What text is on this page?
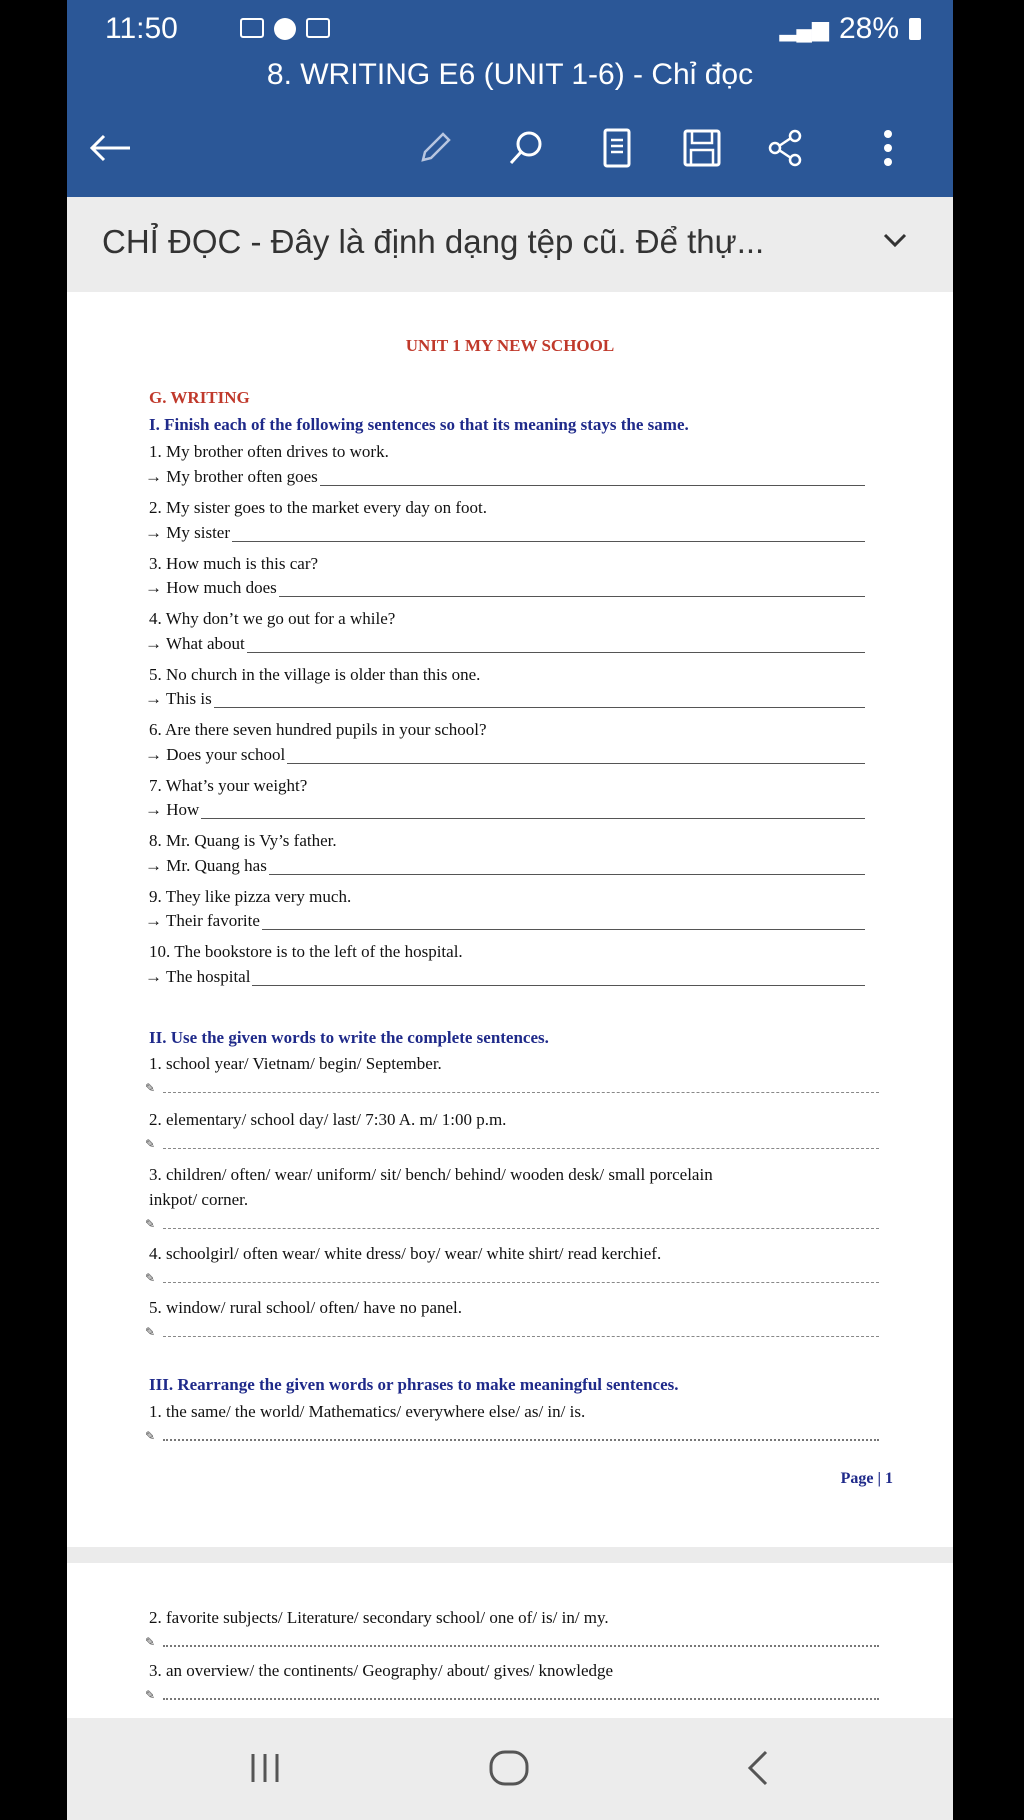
11:50	▂▄▆ 28%
8. WRITING E6 (UNIT 1-6) - Chỉ đọc
CHỈ ĐỌC - Đây là định dạng tệp cũ. Để thự...
UNIT 1 MY NEW SCHOOL
G. WRITING
I. Finish each of the following sentences so that its meaning stays the same.
1. My brother often drives to work.
→ My brother often goes
2. My sister goes to the market every day on foot.
→ My sister
3. How much is this car?
→ How much does
4. Why don’t we go out for a while?
→ What about
5. No church in the village is older than this one.
→ This is
6. Are there seven hundred pupils in your school?
→ Does your school
7. What’s your weight?
→ How
8. Mr. Quang is Vy’s father.
→ Mr. Quang has
9. They like pizza very much.
→ Their favorite
10. The bookstore is to the left of the hospital.
→ The hospital
II. Use the given words to write the complete sentences.
1. school year/ Vietnam/ begin/ September.
✎
2. elementary/ school day/ last/ 7:30 A. m/ 1:00 p.m.
✎
3. children/ often/ wear/ uniform/ sit/ bench/ behind/ wooden desk/ small porcelain
inkpot/ corner.
✎
4. schoolgirl/ often wear/ white dress/ boy/ wear/ white shirt/ read kerchief.
✎
5. window/ rural school/ often/ have no panel.
✎
III. Rearrange the given words or phrases to make meaningful sentences.
1. the same/ the world/ Mathematics/ everywhere else/ as/ in/ is.
✎
Page | 1
2. favorite subjects/ Literature/ secondary school/ one of/ is/ in/ my.
✎
3. an overview/ the continents/ Geography/ about/ gives/ knowledge
✎
